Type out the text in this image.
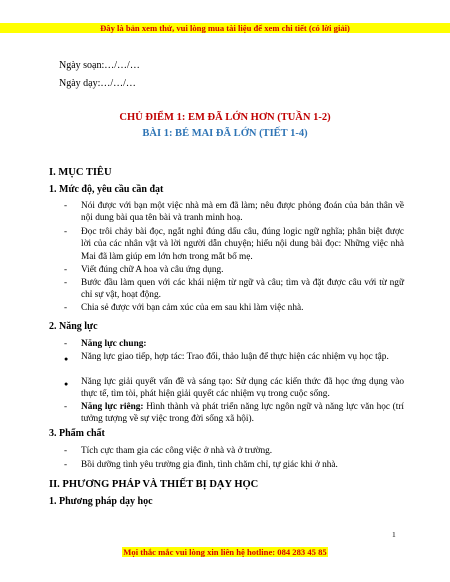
Đây là bản xem thử, vui lòng mua tài liệu để xem chi tiết (có lời giải)
Ngày soạn:…/…/…
Ngày dạy:…/…/…
CHỦ ĐIỂM 1: EM ĐÃ LỚN HƠN (TUẦN 1-2)
BÀI 1: BÉ MAI ĐÃ LỚN (TIẾT 1-4)
I. MỤC TIÊU
1. Mức độ, yêu cầu cần đạt
- Nói được với bạn một việc nhà mà em đã làm; nêu được phỏng đoán của bản thân về nội dung bài qua tên bài và tranh minh hoạ.
- Đọc trôi chảy bài đọc, ngắt nghỉ đúng dấu câu, đúng logic ngữ nghĩa; phân biệt được lời của các nhân vật và lời người dẫn chuyện; hiểu nội dung bài đọc: Những việc nhà Mai đã làm giúp em lớn hơn trong mắt bố mẹ.
- Viết đúng chữ A hoa và câu ứng dụng.
- Bước đầu làm quen với các khái niệm từ ngữ và câu; tìm và đặt được câu với từ ngữ chỉ sự vật, hoạt động.
- Chia sẻ được với bạn cảm xúc của em sau khi làm việc nhà.
2. Năng lực
- Năng lực chung:
● Năng lực giao tiếp, hợp tác: Trao đổi, thảo luận để thực hiện các nhiệm vụ học tập.
● Năng lực giải quyết vấn đề và sáng tạo: Sử dụng các kiến thức đã học ứng dụng vào thực tế, tìm tòi, phát hiện giải quyết các nhiệm vụ trong cuộc sống.
- Năng lực riêng: Hình thành và phát triển năng lực ngôn ngữ và năng lực văn học (trí tưởng tượng về sự việc trong đời sống xã hội).
3. Phẩm chất
- Tích cực tham gia các công việc ở nhà và ở trường.
- Bồi dưỡng tình yêu trường gia đình, tình chăm chỉ, tự giác khi ở nhà.
II. PHƯƠNG PHÁP VÀ THIẾT BỊ DẠY HỌC
1. Phương pháp dạy học
1
Mọi thắc mắc vui lòng xin liên hệ hotline: 084 283 45 85
